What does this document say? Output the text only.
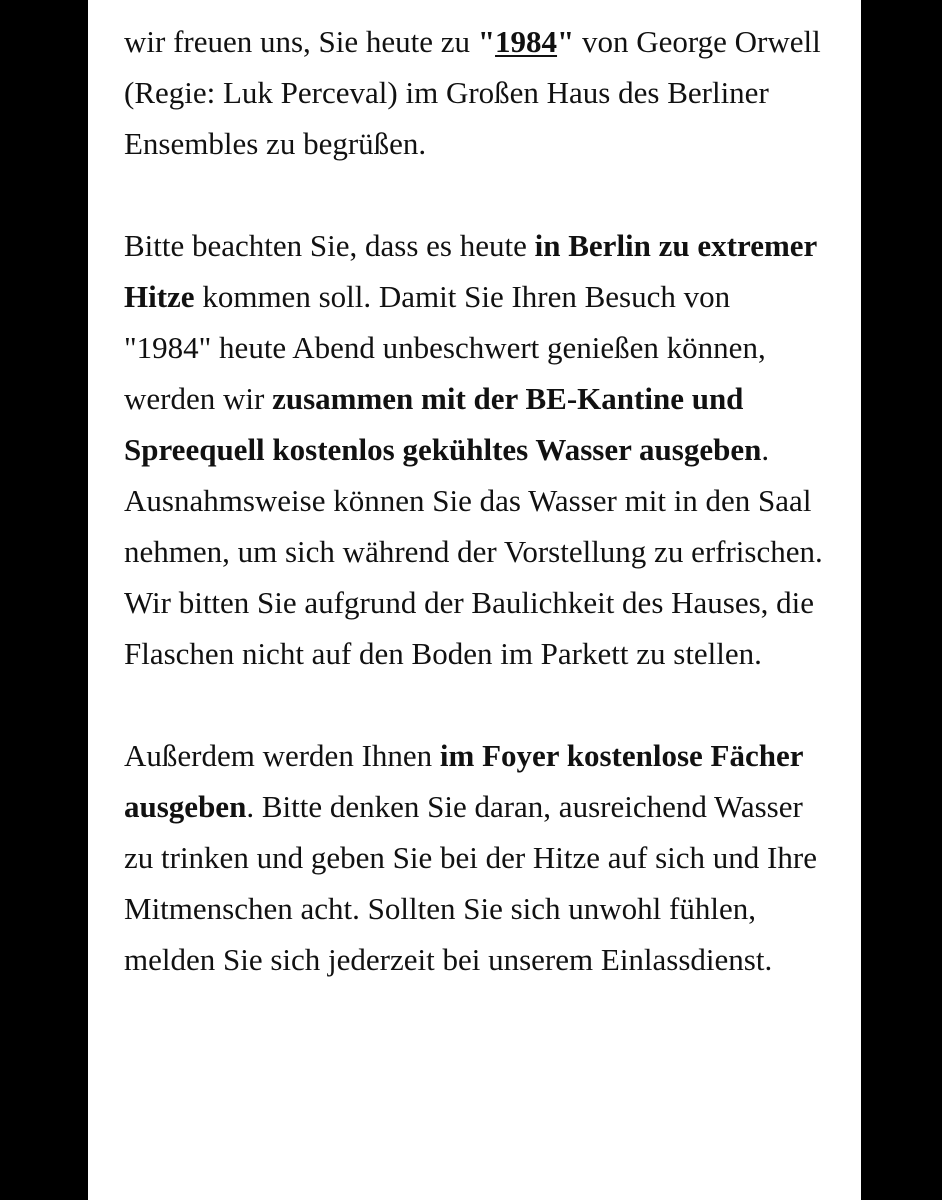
wir freuen uns, Sie heute zu "1984" von George Orwell (Regie: Luk Perceval) im Großen Haus des Berliner Ensembles zu begrüßen.

Bitte beachten Sie, dass es heute in Berlin zu extremer Hitze kommen soll. Damit Sie Ihren Besuch von "1984" heute Abend unbeschwert genießen können, werden wir zusammen mit der BE-Kantine und Spreequell kostenlos gekühltes Wasser ausgeben. Ausnahmsweise können Sie das Wasser mit in den Saal nehmen, um sich während der Vorstellung zu erfrischen. Wir bitten Sie aufgrund der Baulichkeit des Hauses, die Flaschen nicht auf den Boden im Parkett zu stellen.

Außerdem werden Ihnen im Foyer kostenlose Fächer ausgeben. Bitte denken Sie daran, ausreichend Wasser zu trinken und geben Sie bei der Hitze auf sich und Ihre Mitmenschen acht. Sollten Sie sich unwohl fühlen, melden Sie sich jederzeit bei unserem Einlassdienst.
